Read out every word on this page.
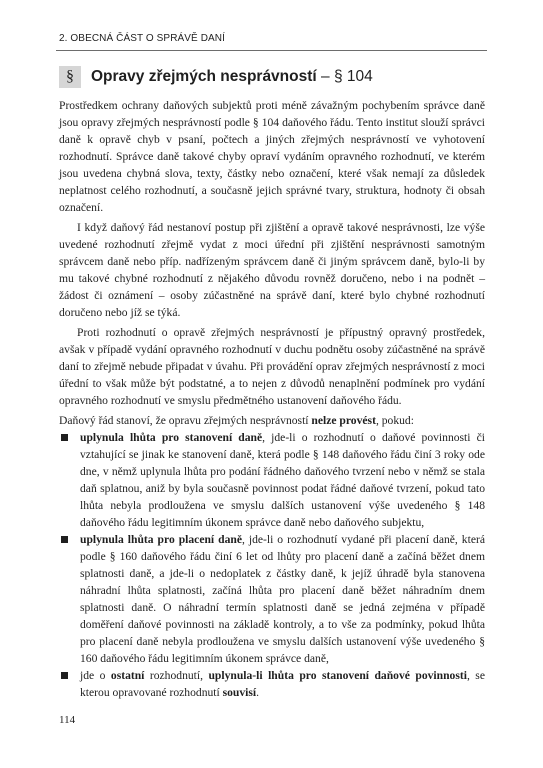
2. OBECNÁ ČÁST O SPRÁVĚ DANÍ
§	Opravy zřejmých nesprávností – § 104

Prostředkem ochrany daňových subjektů proti méně závažným pochybením správce daně jsou opravy zřejmých nesprávností podle § 104 daňového řádu. Tento institut slouží správci daně k opravě chyb v psaní, počtech a jiných zřejmých nesprávností ve vyhotovení rozhodnutí. Správce daně takové chyby opraví vydáním opravného rozhodnutí, ve kterém jsou uvedena chybná slova, texty, částky nebo označení, které však nemají za důsledek neplatnost celého rozhodnutí, a současně jejich správné tvary, struktura, hodnoty či obsah označení.

I když daňový řád nestanoví postup při zjištění a opravě takové nesprávnosti, lze výše uvedené rozhodnutí zřejmě vydat z moci úřední při zjištění nesprávnosti samotným správcem daně nebo příp. nadřízeným správcem daně či jiným správcem daně, bylo-li by mu takové chybné rozhodnutí z nějakého důvodu rovněž doručeno, nebo i na podnět – žádost či oznámení – osoby zúčastněné na správě daní, které bylo chybné rozhodnutí doručeno nebo jíž se týká.

Proti rozhodnutí o opravě zřejmých nesprávností je přípustný opravný prostředek, avšak v případě vydání opravného rozhodnutí v duchu podnětu osoby zúčastněné na správě daní to zřejmě nebude připadat v úvahu. Při provádění oprav zřejmých nesprávností z moci úřední to však může být podstatné, a to nejen z důvodů nenaplnění podmínek pro vydání opravného rozhodnutí ve smyslu předmětného ustanovení daňového řádu.

Daňový řád stanoví, že opravu zřejmých nesprávností nelze provést, pokud:

uplynula lhůta pro stanovení daně, jde-li o rozhodnutí o daňové povinnosti či vztahující se jinak ke stanovení daně, která podle § 148 daňového řádu činí 3 roky ode dne, v němž uplynula lhůta pro podání řádného daňového tvrzení nebo v němž se stala daň splatnou, aniž by byla současně povinnost podat řádné daňové tvrzení, pokud tato lhůta nebyla prodloužena ve smyslu dalších ustanovení výše uvedeného § 148 daňového řádu legitimním úkonem správce daně nebo daňového subjektu,
uplynula lhůta pro placení daně, jde-li o rozhodnutí vydané při placení daně, která podle § 160 daňového řádu činí 6 let od lhůty pro placení daně a začíná běžet dnem splatnosti daně, a jde-li o nedoplatek z částky daně, k jejíž úhradě byla stanovena náhradní lhůta splatnosti, začíná lhůta pro placení daně běžet náhradním dnem splatnosti daně. O náhradní termín splatnosti daně se jedná zejména v případě doměření daňové povinnosti na základě kontroly, a to vše za podmínky, pokud lhůta pro placení daně nebyla prodloužena ve smyslu dalších ustanovení výše uvedeného § 160 daňového řádu legitimním úkonem správce daně,
jde o ostatní rozhodnutí, uplynula-li lhůta pro stanovení daňové povinnosti, se kterou opravované rozhodnutí souvisí.
114
